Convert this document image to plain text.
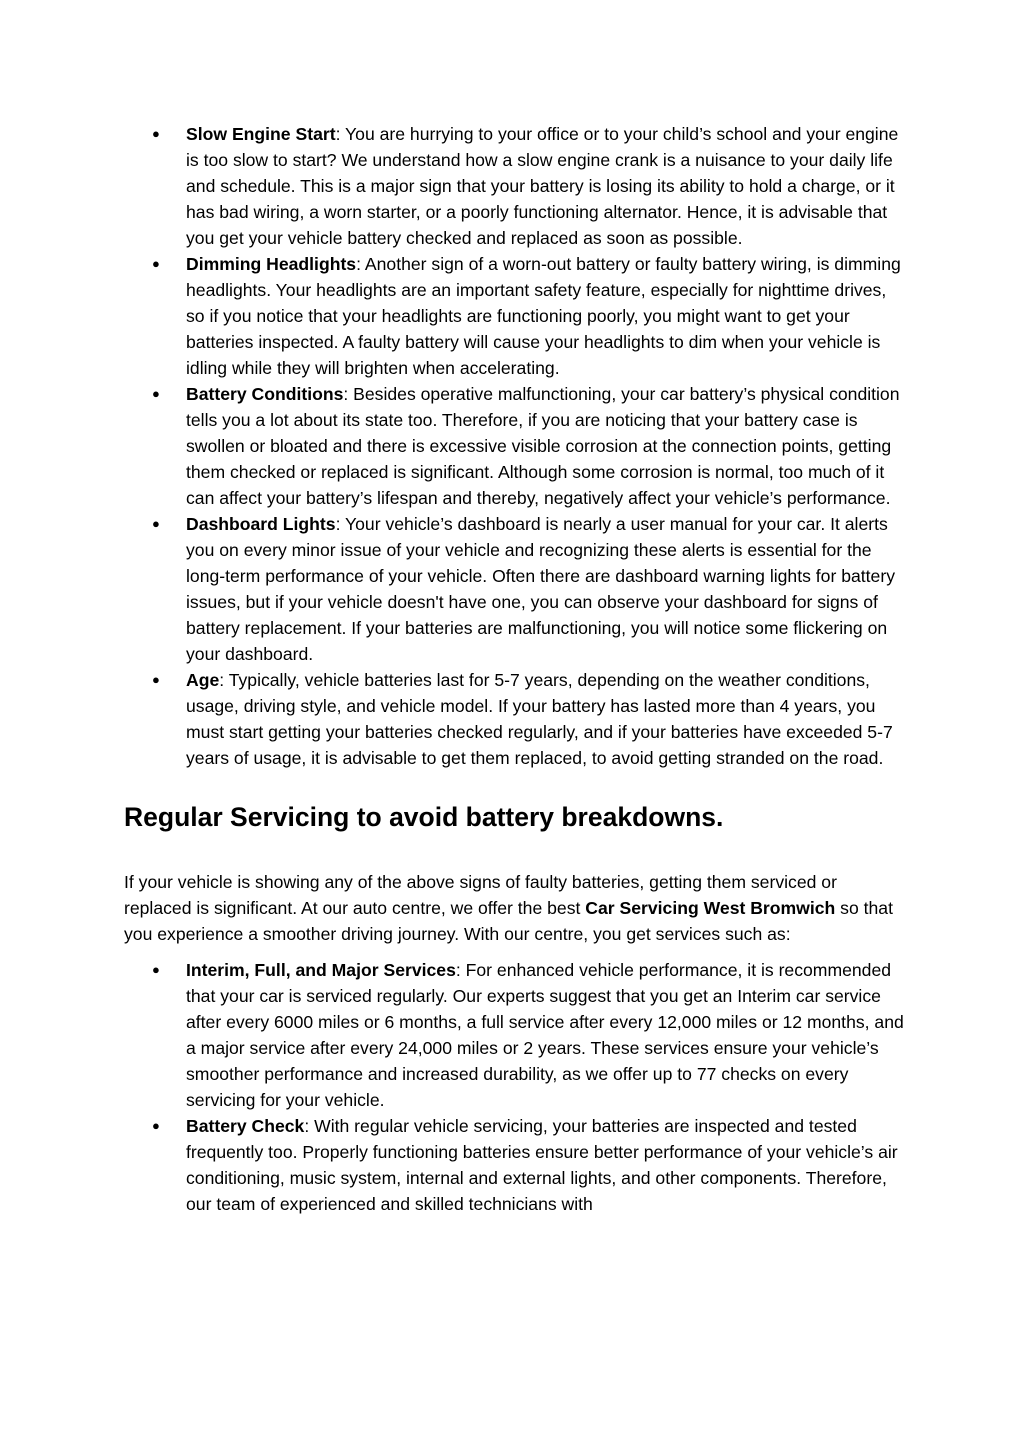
● Slow Engine Start: You are hurrying to your office or to your child’s school and your engine is too slow to start? We understand how a slow engine crank is a nuisance to your daily life and schedule. This is a major sign that your battery is losing its ability to hold a charge, or it has bad wiring, a worn starter, or a poorly functioning alternator. Hence, it is advisable that you get your vehicle battery checked and replaced as soon as possible.
● Dimming Headlights: Another sign of a worn-out battery or faulty battery wiring, is dimming headlights. Your headlights are an important safety feature, especially for nighttime drives, so if you notice that your headlights are functioning poorly, you might want to get your batteries inspected. A faulty battery will cause your headlights to dim when your vehicle is idling while they will brighten when accelerating.
● Battery Conditions: Besides operative malfunctioning, your car battery’s physical condition tells you a lot about its state too. Therefore, if you are noticing that your battery case is swollen or bloated and there is excessive visible corrosion at the connection points, getting them checked or replaced is significant. Although some corrosion is normal, too much of it can affect your battery’s lifespan and thereby, negatively affect your vehicle’s performance.
● Dashboard Lights: Your vehicle’s dashboard is nearly a user manual for your car. It alerts you on every minor issue of your vehicle and recognizing these alerts is essential for the long-term performance of your vehicle. Often there are dashboard warning lights for battery issues, but if your vehicle doesn't have one, you can observe your dashboard for signs of battery replacement. If your batteries are malfunctioning, you will notice some flickering on your dashboard.
● Age: Typically, vehicle batteries last for 5-7 years, depending on the weather conditions, usage, driving style, and vehicle model. If your battery has lasted more than 4 years, you must start getting your batteries checked regularly, and if your batteries have exceeded 5-7 years of usage, it is advisable to get them replaced, to avoid getting stranded on the road.
Regular Servicing to avoid battery breakdowns.

If your vehicle is showing any of the above signs of faulty batteries, getting them serviced or replaced is significant. At our auto centre, we offer the best Car Servicing West Bromwich so that you experience a smoother driving journey. With our centre, you get services such as:

● Interim, Full, and Major Services: For enhanced vehicle performance, it is recommended that your car is serviced regularly. Our experts suggest that you get an Interim car service after every 6000 miles or 6 months, a full service after every 12,000 miles or 12 months, and a major service after every 24,000 miles or 2 years. These services ensure your vehicle’s smoother performance and increased durability, as we offer up to 77 checks on every servicing for your vehicle.
● Battery Check: With regular vehicle servicing, your batteries are inspected and tested frequently too. Properly functioning batteries ensure better performance of your vehicle’s air conditioning, music system, internal and external lights, and other components. Therefore, our team of experienced and skilled technicians with
